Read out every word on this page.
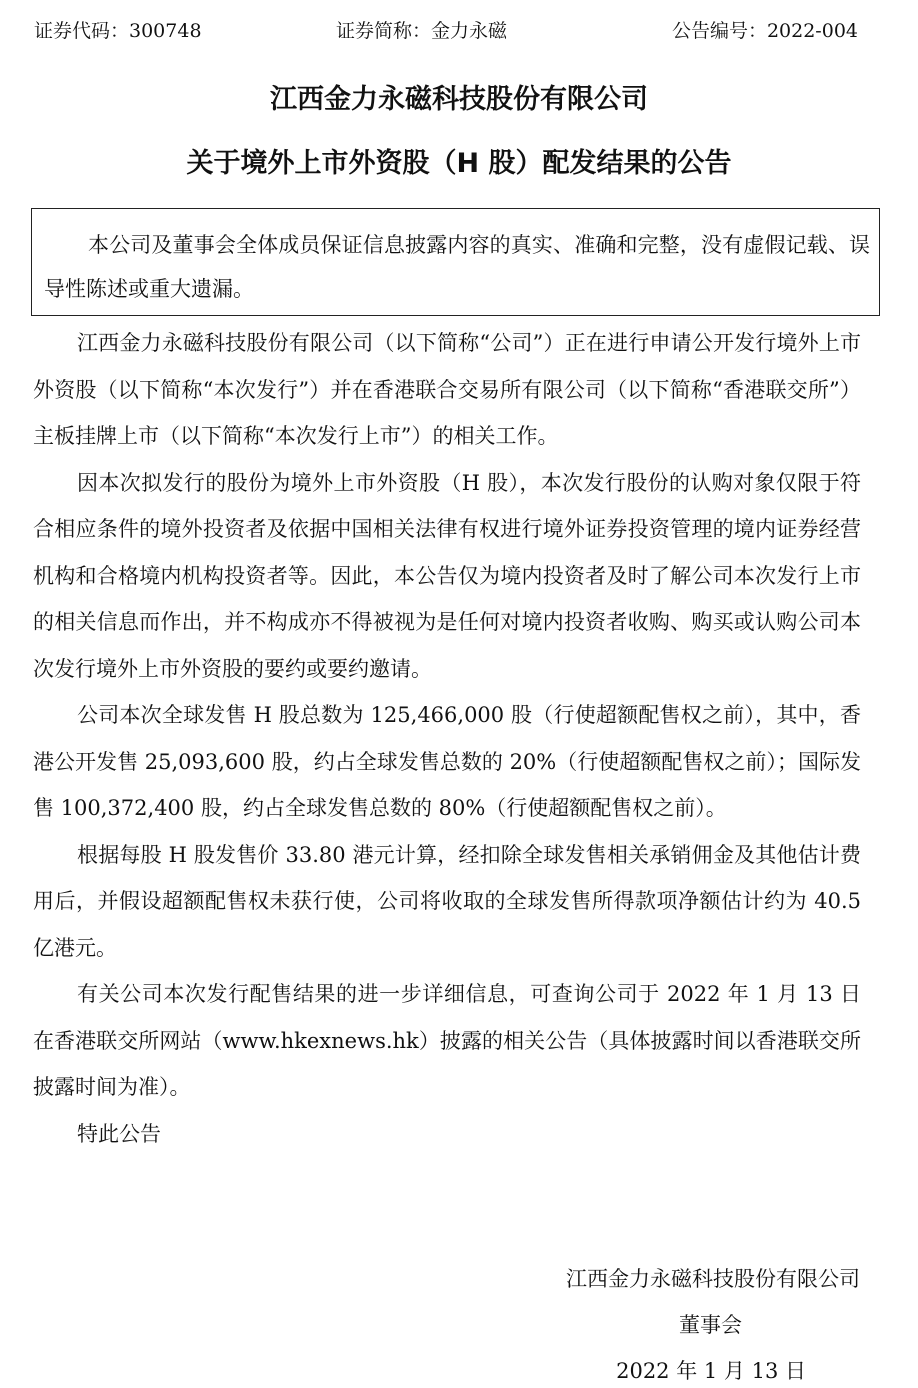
证券代码：300748	证券简称：金力永磁	公告编号：2022-004
江西金力永磁科技股份有限公司
关于境外上市外资股（H 股）配发结果的公告

本公司及董事会全体成员保证信息披露内容的真实、准确和完整，没有虚假记载、误导性陈述或重大遗漏。

江西金力永磁科技股份有限公司（以下简称“公司”）正在进行申请公开发行境外上市外资股（以下简称“本次发行”）并在香港联合交易所有限公司（以下简称“香港联交所”）主板挂牌上市（以下简称“本次发行上市”）的相关工作。

因本次拟发行的股份为境外上市外资股（H 股），本次发行股份的认购对象仅限于符合相应条件的境外投资者及依据中国相关法律有权进行境外证券投资管理的境内证券经营机构和合格境内机构投资者等。因此，本公告仅为境内投资者及时了解公司本次发行上市的相关信息而作出，并不构成亦不得被视为是任何对境内投资者收购、购买或认购公司本次发行境外上市外资股的要约或要约邀请。

公司本次全球发售 H 股总数为 125,466,000 股（行使超额配售权之前），其中，香港公开发售 25,093,600 股，约占全球发售总数的 20%（行使超额配售权之前）；国际发售 100,372,400 股，约占全球发售总数的 80%（行使超额配售权之前）。

根据每股 H 股发售价 33.80 港元计算，经扣除全球发售相关承销佣金及其他估计费用后，并假设超额配售权未获行使，公司将收取的全球发售所得款项净额估计约为 40.5 亿港元。

有关公司本次发行配售结果的进一步详细信息，可查询公司于 2022 年 1 月 13 日在香港联交所网站（www.hkexnews.hk）披露的相关公告（具体披露时间以香港联交所披露时间为准）。

特此公告

江西金力永磁科技股份有限公司
董事会
2022 年 1 月 13 日
